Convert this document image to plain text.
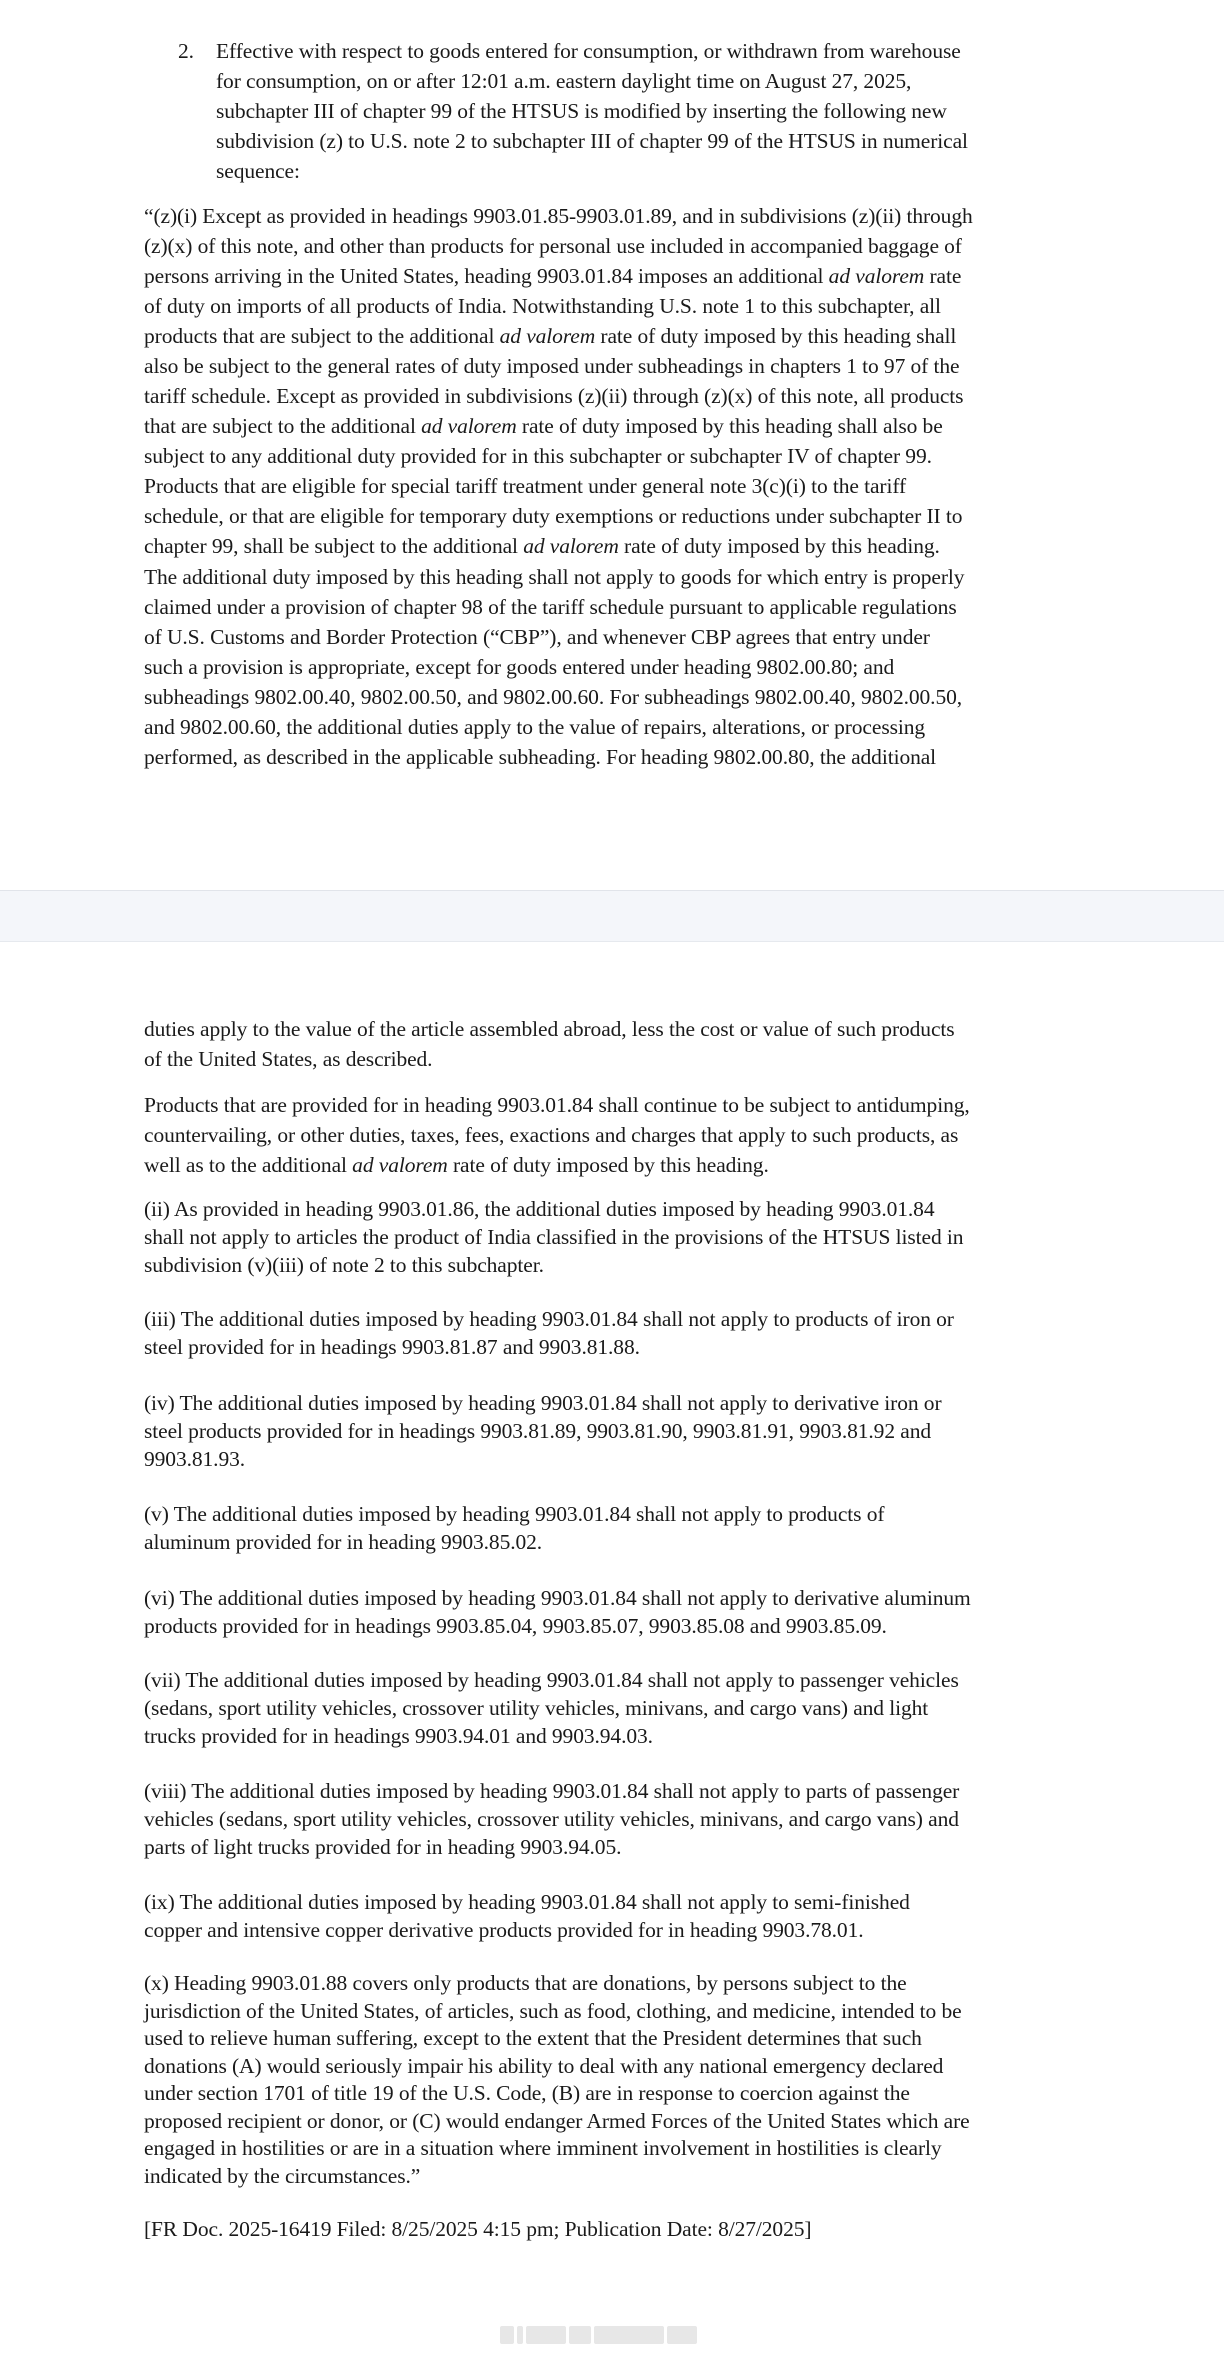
2. Effective with respect to goods entered for consumption, or withdrawn from warehouse
for consumption, on or after 12:01 a.m. eastern daylight time on August 27, 2025,
subchapter III of chapter 99 of the HTSUS is modified by inserting the following new
subdivision (z) to U.S. note 2 to subchapter III of chapter 99 of the HTSUS in numerical
sequence:
“(z)(i) Except as provided in headings 9903.01.85-9903.01.89, and in subdivisions (z)(ii) through
(z)(x) of this note, and other than products for personal use included in accompanied baggage of
persons arriving in the United States, heading 9903.01.84 imposes an additional ad valorem rate
of duty on imports of all products of India. Notwithstanding U.S. note 1 to this subchapter, all
products that are subject to the additional ad valorem rate of duty imposed by this heading shall
also be subject to the general rates of duty imposed under subheadings in chapters 1 to 97 of the
tariff schedule. Except as provided in subdivisions (z)(ii) through (z)(x) of this note, all products
that are subject to the additional ad valorem rate of duty imposed by this heading shall also be
subject to any additional duty provided for in this subchapter or subchapter IV of chapter 99.
Products that are eligible for special tariff treatment under general note 3(c)(i) to the tariff
schedule, or that are eligible for temporary duty exemptions or reductions under subchapter II to
chapter 99, shall be subject to the additional ad valorem rate of duty imposed by this heading.
The additional duty imposed by this heading shall not apply to goods for which entry is properly
claimed under a provision of chapter 98 of the tariff schedule pursuant to applicable regulations
of U.S. Customs and Border Protection (“CBP”), and whenever CBP agrees that entry under
such a provision is appropriate, except for goods entered under heading 9802.00.80; and
subheadings 9802.00.40, 9802.00.50, and 9802.00.60. For subheadings 9802.00.40, 9802.00.50,
and 9802.00.60, the additional duties apply to the value of repairs, alterations, or processing
performed, as described in the applicable subheading. For heading 9802.00.80, the additional
duties apply to the value of the article assembled abroad, less the cost or value of such products
of the United States, as described.
Products that are provided for in heading 9903.01.84 shall continue to be subject to antidumping,
countervailing, or other duties, taxes, fees, exactions and charges that apply to such products, as
well as to the additional ad valorem rate of duty imposed by this heading.
(ii) As provided in heading 9903.01.86, the additional duties imposed by heading 9903.01.84
shall not apply to articles the product of India classified in the provisions of the HTSUS listed in
subdivision (v)(iii) of note 2 to this subchapter.
(iii) The additional duties imposed by heading 9903.01.84 shall not apply to products of iron or
steel provided for in headings 9903.81.87 and 9903.81.88.
(iv) The additional duties imposed by heading 9903.01.84 shall not apply to derivative iron or
steel products provided for in headings 9903.81.89, 9903.81.90, 9903.81.91, 9903.81.92 and
9903.81.93.
(v) The additional duties imposed by heading 9903.01.84 shall not apply to products of
aluminum provided for in heading 9903.85.02.
(vi) The additional duties imposed by heading 9903.01.84 shall not apply to derivative aluminum
products provided for in headings 9903.85.04, 9903.85.07, 9903.85.08 and 9903.85.09.
(vii) The additional duties imposed by heading 9903.01.84 shall not apply to passenger vehicles
(sedans, sport utility vehicles, crossover utility vehicles, minivans, and cargo vans) and light
trucks provided for in headings 9903.94.01 and 9903.94.03.
(viii) The additional duties imposed by heading 9903.01.84 shall not apply to parts of passenger
vehicles (sedans, sport utility vehicles, crossover utility vehicles, minivans, and cargo vans) and
parts of light trucks provided for in heading 9903.94.05.
(ix) The additional duties imposed by heading 9903.01.84 shall not apply to semi-finished
copper and intensive copper derivative products provided for in heading 9903.78.01.
(x) Heading 9903.01.88 covers only products that are donations, by persons subject to the
jurisdiction of the United States, of articles, such as food, clothing, and medicine, intended to be
used to relieve human suffering, except to the extent that the President determines that such
donations (A) would seriously impair his ability to deal with any national emergency declared
under section 1701 of title 19 of the U.S. Code, (B) are in response to coercion against the
proposed recipient or donor, or (C) would endanger Armed Forces of the United States which are
engaged in hostilities or are in a situation where imminent involvement in hostilities is clearly
indicated by the circumstances.”
[FR Doc. 2025-16419 Filed: 8/25/2025 4:15 pm; Publication Date: 8/27/2025]
